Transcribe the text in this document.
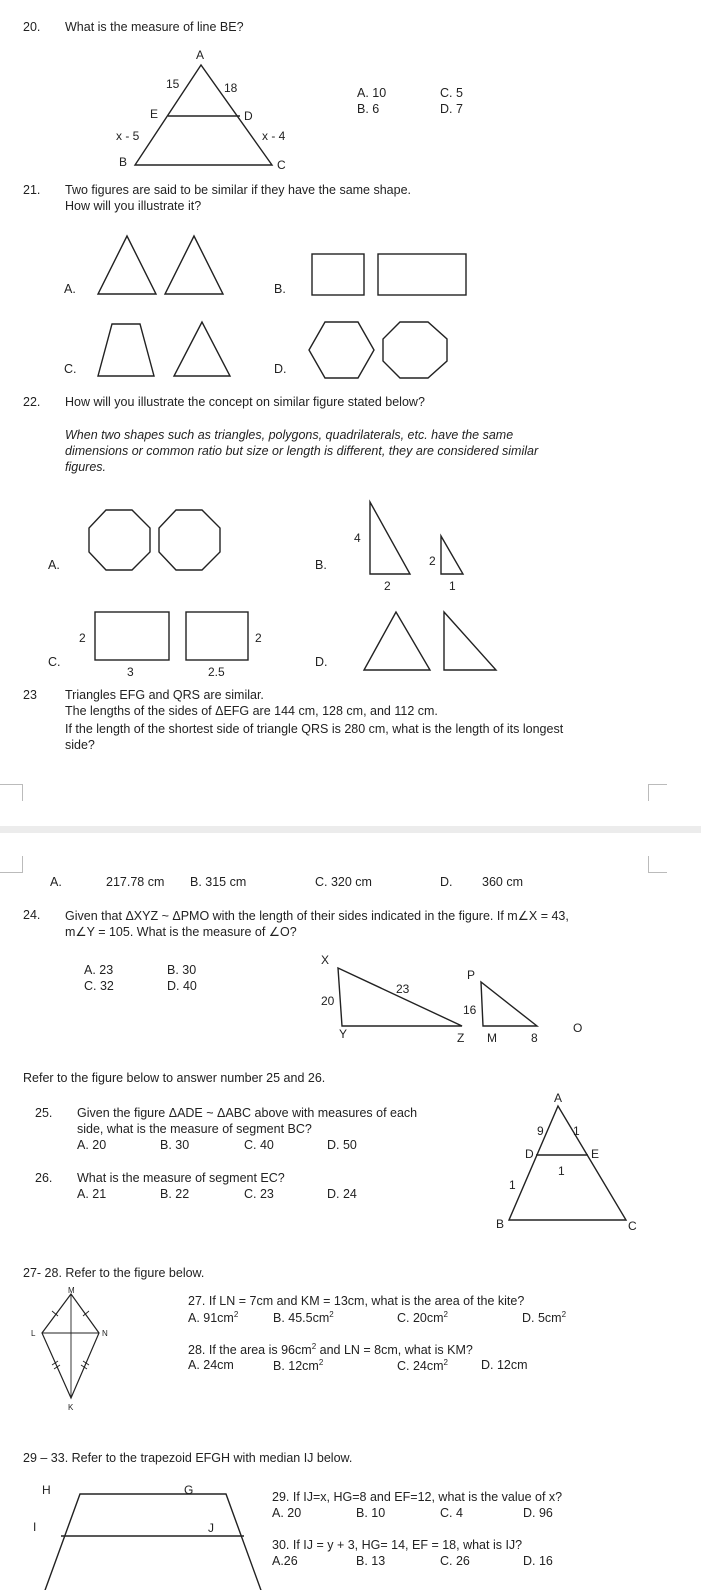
20. What is the measure of line BE?
A
15	18
E	D
x - 5	x - 4
B	C
A. 10
B. 6
C. 5
D. 7
21. Two figures are said to be similar if they have the same shape.
How will you illustrate it?
A.	B.
C.	D.
22. How will you illustrate the concept on similar figure stated below?
When two shapes such as triangles, polygons, quadrilaterals, etc. have the same
dimensions or common ratio but size or length is different, they are considered similar
figures.
A.	B.
4
2
2
1
C.
2
3
2
2.5
D.
23 Triangles EFG and QRS are similar.
The lengths of the sides of ΔEFG are 144 cm, 128 cm, and 112 cm.
If the length of the shortest side of triangle QRS is 280 cm, what is the length of its longest
side?
A.	217.78 cm B. 315 cm	C. 320 cm	D. 360 cm
24. Given that ΔXYZ ~ ΔPMO with the length of their sides indicated in the figure. If m∠X = 43,
m∠Y = 105. What is the measure of ∠O?
A. 23	B. 30
C. 32	D. 40
X
20
23
Y	Z
P
16
M	8
O
Refer to the figure below to answer number 25 and 26.
25. Given the figure ΔADE ~ ΔABC above with measures of each
side, what is the measure of segment BC?
A. 20	B. 30	C. 40	D. 50
26. What is the measure of segment EC?
A. 21	B. 22	C. 23	D. 24
A
9 1
D	E
1
1
B	C
27- 28. Refer to the figure below.
M
L	N
K
27. If LN = 7cm and KM = 13cm, what is the area of the kite?
A. $91cm^2$	B. $45.5cm^2$	C. $20cm^2$	D. $5cm^2$
28. If the area is $96cm^2$ and LN = 8cm, what is KM?
A. 24cm	B. $12cm^2$	C. $24cm^2$	D. 12cm
29 – 33. Refer to the trapezoid EFGH with median IJ below.
H	G
I	J
29. If IJ=x, HG=8 and EF=12, what is the value of x?
A. 20	B. 10	C. 4	D. 96
30. If IJ = y + 3, HG= 14, EF = 18, what is IJ?
A.26	B. 13	C. 26	D. 16
